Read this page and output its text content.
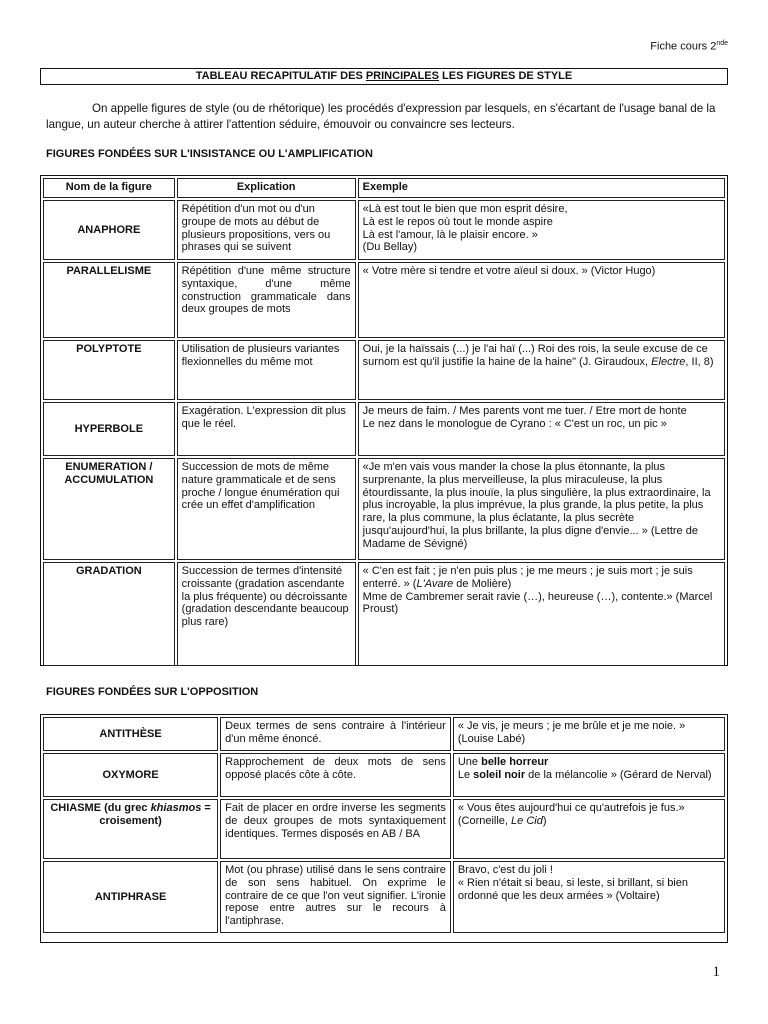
Fiche cours 2nde
TABLEAU RECAPITULATIF DES PRINCIPALES LES FIGURES DE STYLE
On appelle figures de style (ou de rhétorique) les procédés d'expression par lesquels, en s'écartant de l'usage banal de la langue, un auteur cherche à attirer l'attention séduire, émouvoir ou convaincre ses lecteurs.
FIGURES FONDÉES SUR L'INSISTANCE OU L'AMPLIFICATION
Nom de la figure	Explication	Exemple
ANAPHORE	Répétition d'un mot ou d'un groupe de mots au début de plusieurs propositions, vers ou phrases qui se suivent	«Là est tout le bien que mon esprit désire,
Là est le repos où tout le monde aspire
Là est l'amour, là le plaisir encore. »
(Du Bellay)

PARALLELISME	Répétition d'une même structure syntaxique, d'une même construction grammaticale dans deux groupes de mots	« Votre mère si tendre et votre aïeul si doux. » (Victor Hugo)
POLYPTOTE	Utilisation de plusieurs variantes flexionnelles du même mot	Oui, je la haïssais (...) je l'ai haï (...) Roi des rois, la seule excuse de ce surnom est qu'il justifie la haine de la haine" (J. Giraudoux, Electre, II, 8)
HYPERBOLE	Exagération. L'expression dit plus que le réel.	Je meurs de faim. / Mes parents vont me tuer. / Etre mort de honte
Le nez dans le monologue de Cyrano : « C'est un roc, un pic »

ENUMERATION /
ACCUMULATION	Succession de mots de même nature grammaticale et de sens proche / longue énumération qui crée un effet d'amplification	«Je m'en vais vous mander la chose la plus étonnante, la plus surprenante, la plus merveilleuse, la plus miraculeuse, la plus étourdissante, la plus inouïe, la plus singulière, la plus extraordinaire, la plus incroyable, la plus imprévue, la plus grande, la plus petite, la plus rare, la plus commune, la plus éclatante, la plus secrète jusqu'aujourd'hui, la plus brillante, la plus digne d'envie... » (Lettre de Madame de Sévigné)
GRADATION	Succession de termes d'intensité croissante (gradation ascendante la plus fréquente) ou décroissante (gradation descendante beaucoup plus rare)	« C'en est fait ; je n'en puis plus ; je me meurs ; je suis mort ; je suis enterré. » (L'Avare de Molière)
Mme de Cambremer serait ravie (…), heureuse (…), contente.» (Marcel Proust)
FIGURES FONDÉES SUR L'OPPOSITION
ANTITHÈSE	Deux termes de sens contraire à l'intérieur d'un même énoncé.	« Je vis, je meurs ; je me brûle et je me noie. » (Louise Labé)
OXYMORE	Rapprochement de deux mots de sens opposé placés côte à côte.	Une belle horreur
Le soleil noir de la mélancolie » (Gérard de Nerval)

CHIASME (du grec khiasmos = croisement)	Fait de placer en ordre inverse les segments de deux groupes de mots syntaxiquement identiques. Termes disposés en AB / BA	« Vous êtes aujourd'hui ce qu'autrefois je fus.» (Corneille, Le Cid)
ANTIPHRASE	Mot (ou phrase) utilisé dans le sens contraire de son sens habituel. On exprime le contraire de ce que l'on veut signifier. L'ironie repose entre autres sur le recours à l'antiphrase.	Bravo, c'est du joli !
« Rien n'était si beau, si leste, si brillant, si bien ordonné que les deux armées » (Voltaire)
1
